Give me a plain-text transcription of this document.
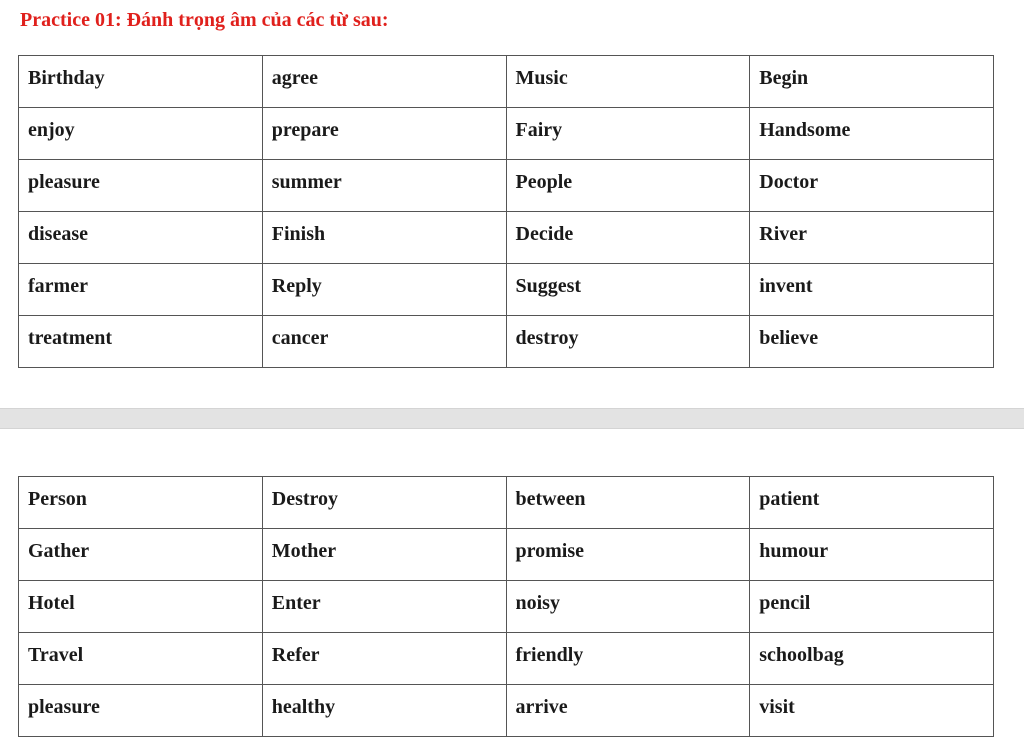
Practice 01: Đánh trọng âm của các từ sau:
Birthday	agree	Music	Begin
enjoy	prepare	Fairy	Handsome
pleasure	summer	People	Doctor
disease	Finish	Decide	River
farmer	Reply	Suggest	invent
treatment	cancer	destroy	believe
Person	Destroy	between	patient
Gather	Mother	promise	humour
Hotel	Enter	noisy	pencil
Travel	Refer	friendly	schoolbag
pleasure	healthy	arrive	visit
